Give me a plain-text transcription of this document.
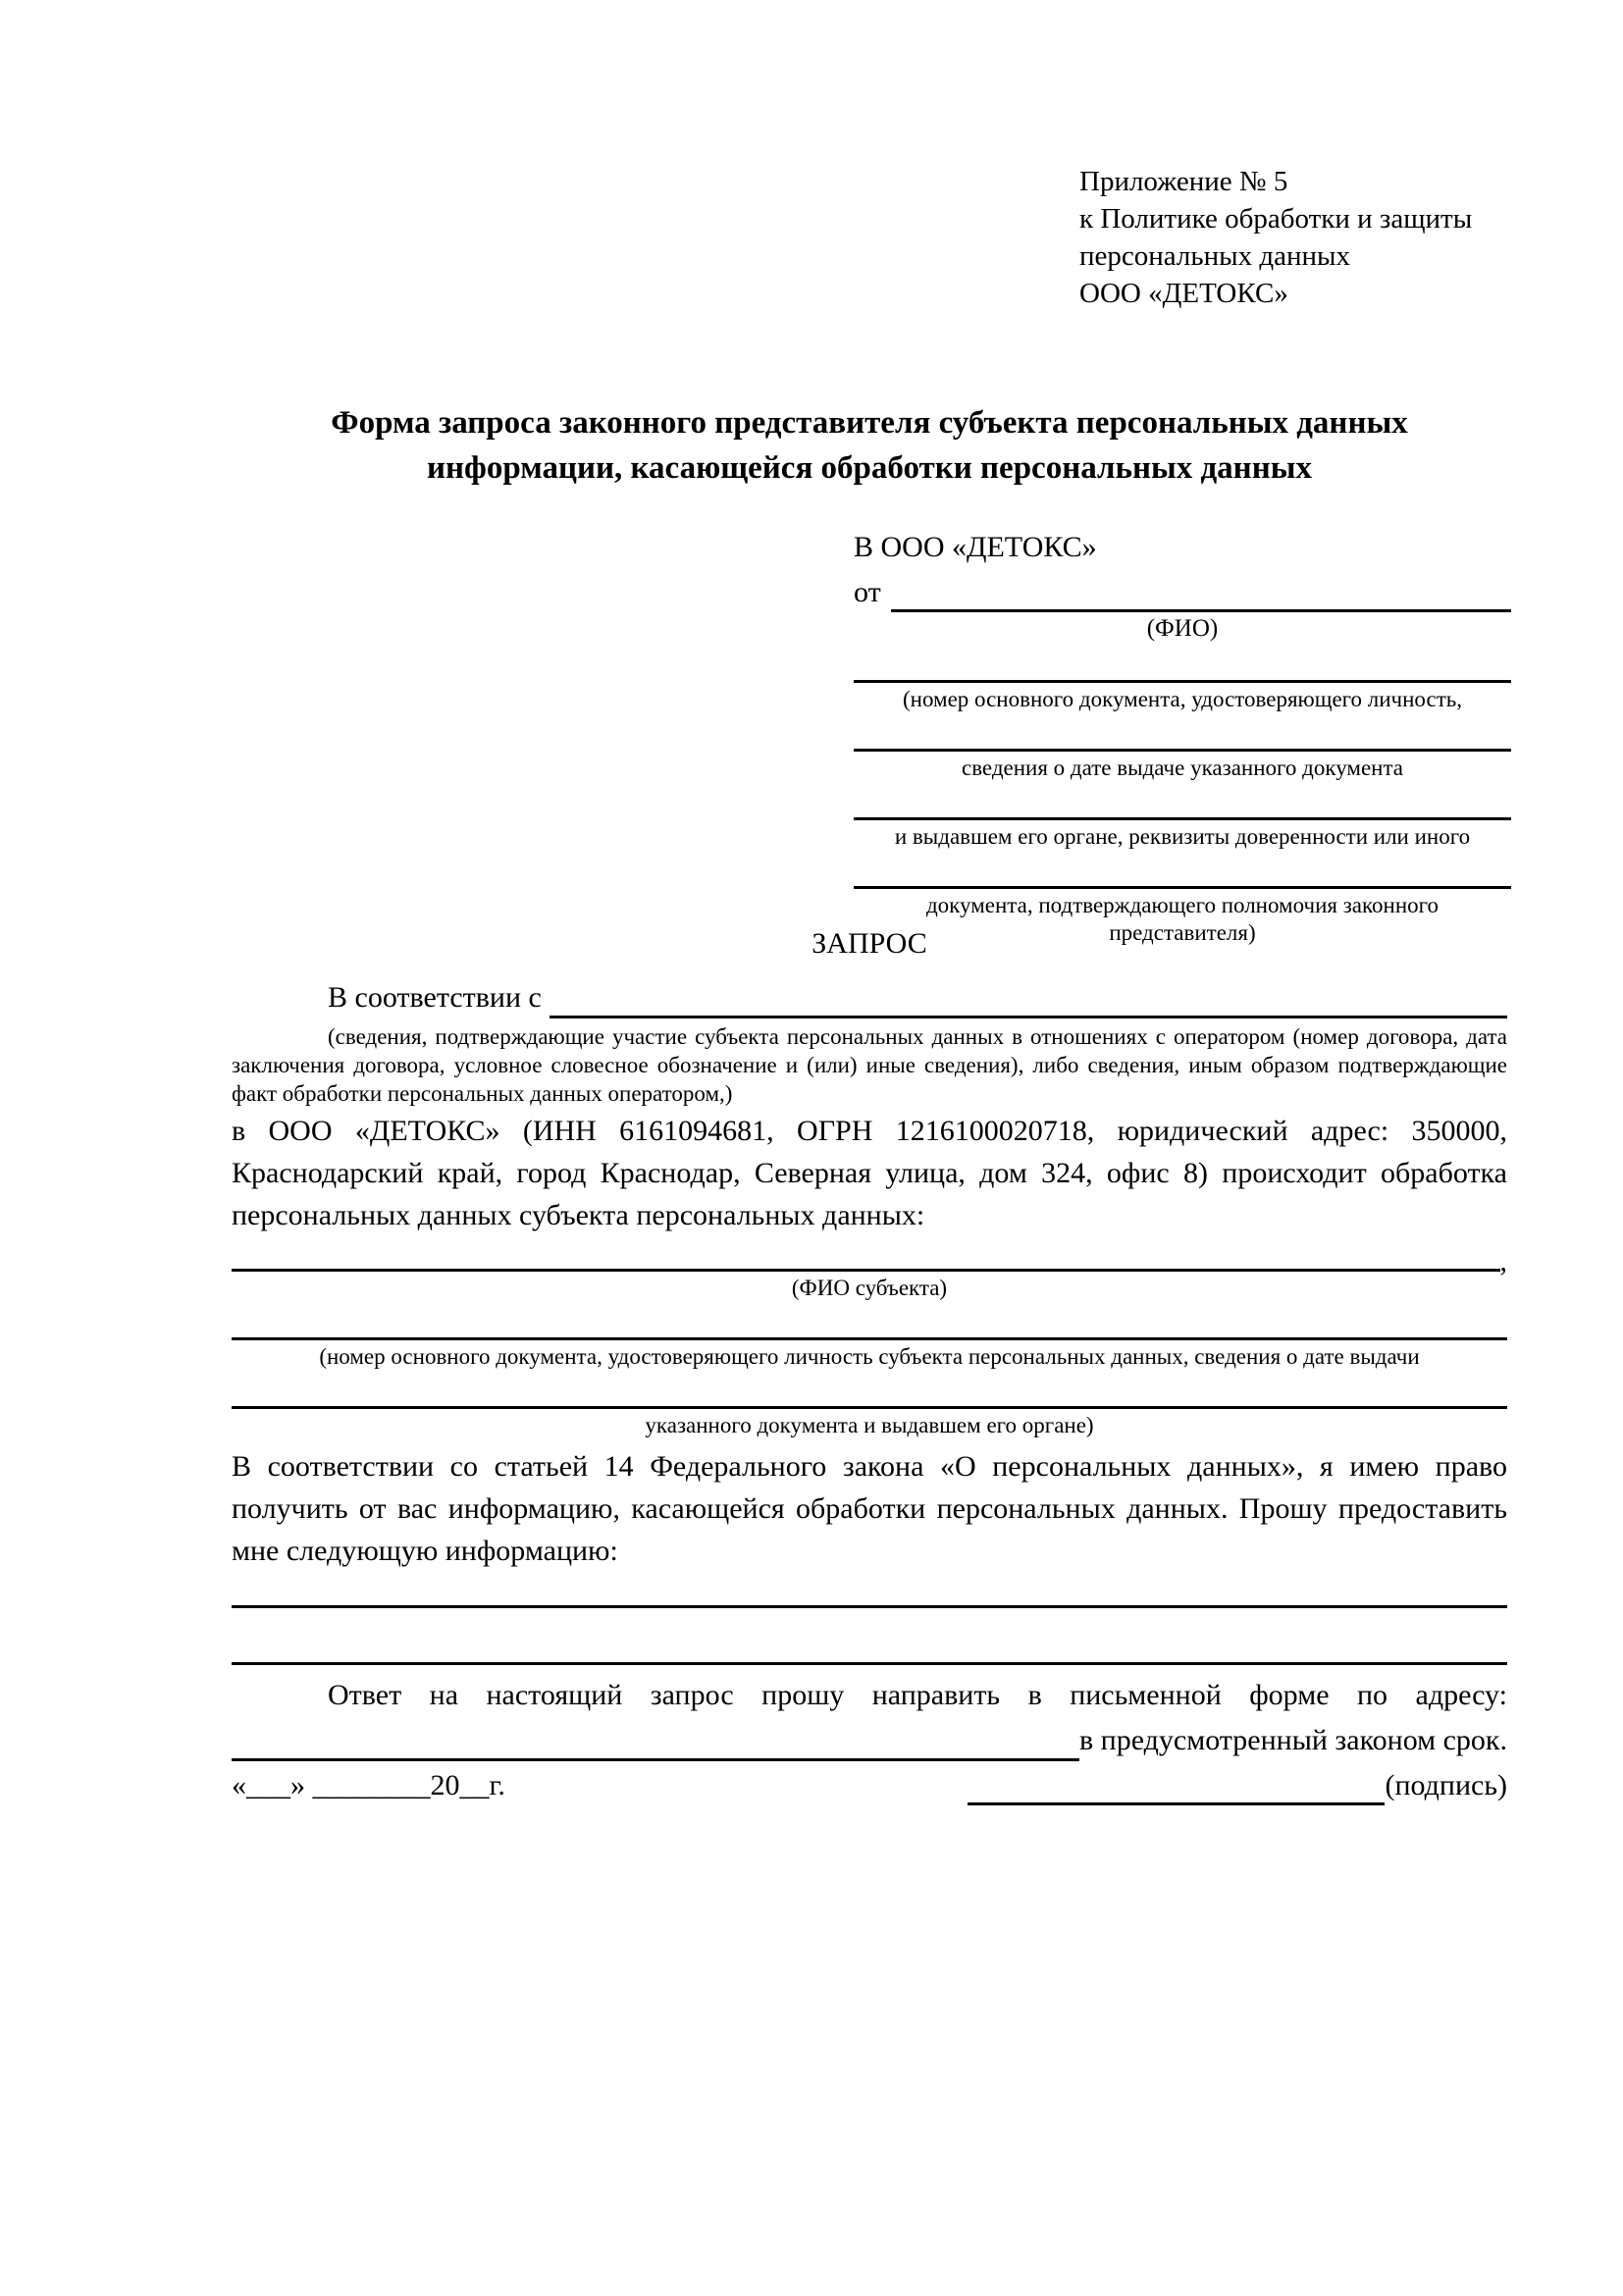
Приложение № 5
к Политике обработки и защиты
персональных данных
ООО «ДЕТОКС»
Форма запроса законного представителя субъекта персональных данных информации, касающейся обработки персональных данных
В ООО «ДЕТОКС»
от
(ФИО)
(номер основного документа, удостоверяющего личность,
сведения о дате выдаче указанного документа
и выдавшем его органе, реквизиты доверенности или иного
документа, подтверждающего полномочия законного представителя)
ЗАПРОС
В соответствии с

(сведения, подтверждающие участие субъекта персональных данных в отношениях с оператором (номер договора, дата заключения договора, условное словесное обозначение и (или) иные сведения), либо сведения, иным образом подтверждающие факт обработки персональных данных оператором,)

в ООО «ДЕТОКС» (ИНН 6161094681, ОГРН 1216100020718, юридический адрес: 350000, Краснодарский край, город Краснодар, Северная улица, дом 324, офис 8) происходит обработка персональных данных субъекта персональных данных:

,
(ФИО субъекта)
(номер основного документа, удостоверяющего личность субъекта персональных данных, сведения о дате выдачи
указанного документа и выдавшем его органе)

В соответствии со статьей 14 Федерального закона «О персональных данных», я имею право получить от вас информацию, касающейся обработки персональных данных. Прошу предоставить мне следующую информацию:

Ответ на настоящий запрос прошу направить в письменной форме по адресу:

в предусмотренный законом срок.
«___» ________20__г.	(подпись)
